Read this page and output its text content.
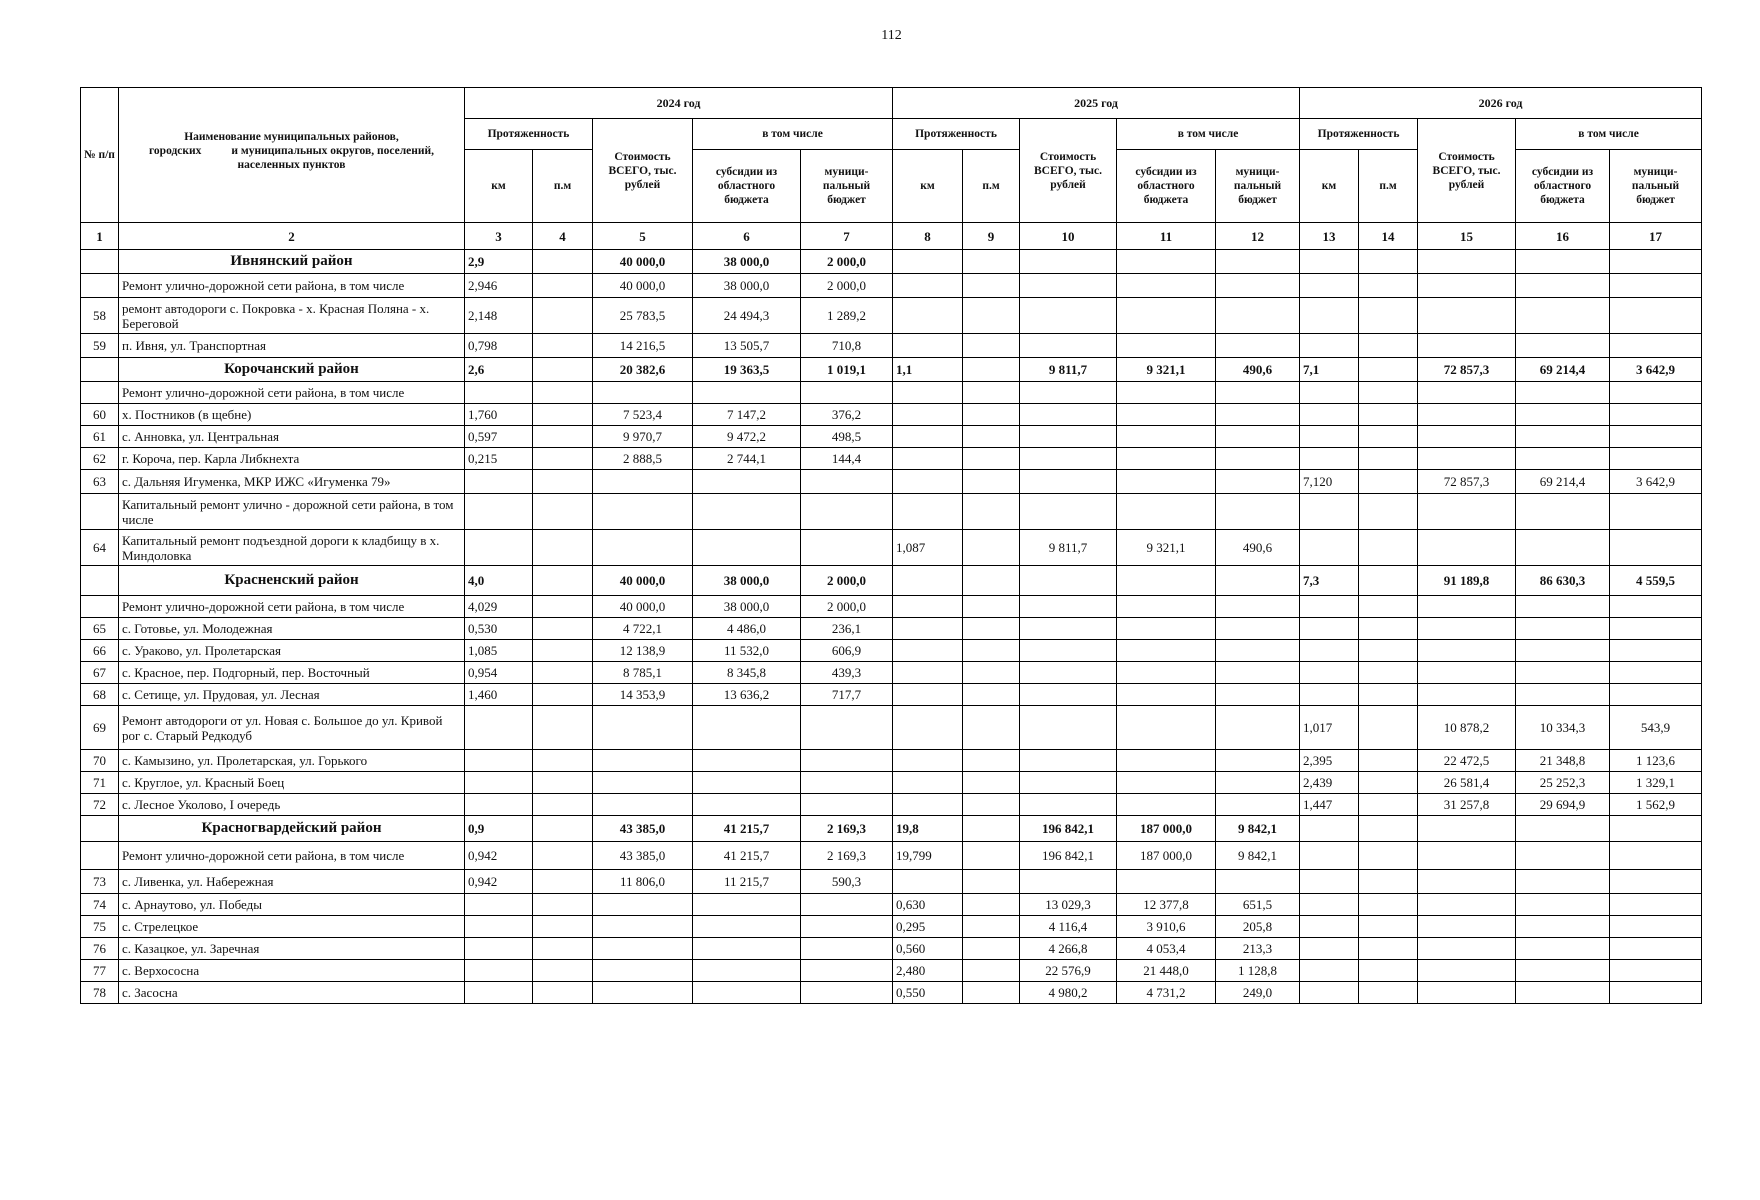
112
№ п/п	Наименование муниципальных районов,
городских и муниципальных округов, поселений,
населенных пунктов	2024 год					2025 год					2026 год				
		Протяженность		Стоимость ВСЕГО, тыс. рублей	в том числе		Протяженность		Стоимость ВСЕГО, тыс. рублей	в том числе		Протяженность		Стоимость ВСЕГО, тыс. рублей	в том числе	
		км	п.м		субсидии из областного бюджета	муници-пальный бюджет	км	п.м		субсидии из областного бюджета	муници-пальный бюджет	км	п.м		субсидии из областного бюджета	муници-пальный бюджет
1	2	3	4	5	6	7	8	9	10	11	12	13	14	15	16	17
	Ивнянский район	2,9		40 000,0	38 000,0	2 000,0										
	Ремонт улично-дорожной сети района, в том числе	2,946		40 000,0	38 000,0	2 000,0										
58	ремонт автодороги с. Покровка - х. Красная Поляна - х. Береговой	2,148		25 783,5	24 494,3	1 289,2										
59	п. Ивня, ул. Транспортная	0,798		14 216,5	13 505,7	710,8										
	Корочанский район	2,6		20 382,6	19 363,5	1 019,1	1,1		9 811,7	9 321,1	490,6	7,1		72 857,3	69 214,4	3 642,9
	Ремонт улично-дорожной сети района, в том числе															
60	х. Постников (в щебне)	1,760		7 523,4	7 147,2	376,2										
61	с. Анновка, ул. Центральная	0,597		9 970,7	9 472,2	498,5										
62	г. Короча, пер. Карла Либкнехта	0,215		2 888,5	2 744,1	144,4										
63	с. Дальняя Игуменка, МКР ИЖС «Игуменка 79»											7,120		72 857,3	69 214,4	3 642,9
	Капитальный ремонт улично - дорожной сети района, в том числе															
64	Капитальный ремонт подъездной дороги к кладбищу в х. Миндоловка						1,087		9 811,7	9 321,1	490,6					
	Красненский район	4,0		40 000,0	38 000,0	2 000,0						7,3		91 189,8	86 630,3	4 559,5
	Ремонт улично-дорожной сети района, в том числе	4,029		40 000,0	38 000,0	2 000,0										
65	с. Готовье, ул. Молодежная	0,530		4 722,1	4 486,0	236,1										
66	с. Ураково, ул. Пролетарская	1,085		12 138,9	11 532,0	606,9										
67	с. Красное, пер. Подгорный, пер. Восточный	0,954		8 785,1	8 345,8	439,3										
68	с. Сетище, ул. Прудовая, ул. Лесная	1,460		14 353,9	13 636,2	717,7										
69	Ремонт автодороги от ул. Новая с. Большое до ул. Кривой рог с. Старый Редкодуб											1,017		10 878,2	10 334,3	543,9
70	с. Камызино, ул. Пролетарская, ул. Горького											2,395		22 472,5	21 348,8	1 123,6
71	с. Круглое, ул. Красный Боец											2,439		26 581,4	25 252,3	1 329,1
72	с. Лесное Уколово, I очередь											1,447		31 257,8	29 694,9	1 562,9
	Красногвардейский район	0,9		43 385,0	41 215,7	2 169,3	19,8		196 842,1	187 000,0	9 842,1					
	Ремонт улично-дорожной сети района, в том числе	0,942		43 385,0	41 215,7	2 169,3	19,799		196 842,1	187 000,0	9 842,1					
73	с. Ливенка, ул. Набережная	0,942		11 806,0	11 215,7	590,3										
74	с. Арнаутово, ул. Победы						0,630		13 029,3	12 377,8	651,5					
75	с. Стрелецкое						0,295		4 116,4	3 910,6	205,8					
76	с. Казацкое, ул. Заречная						0,560		4 266,8	4 053,4	213,3					
77	с. Верхососна						2,480		22 576,9	21 448,0	1 128,8					
78	с. Засосна						0,550		4 980,2	4 731,2	249,0					
